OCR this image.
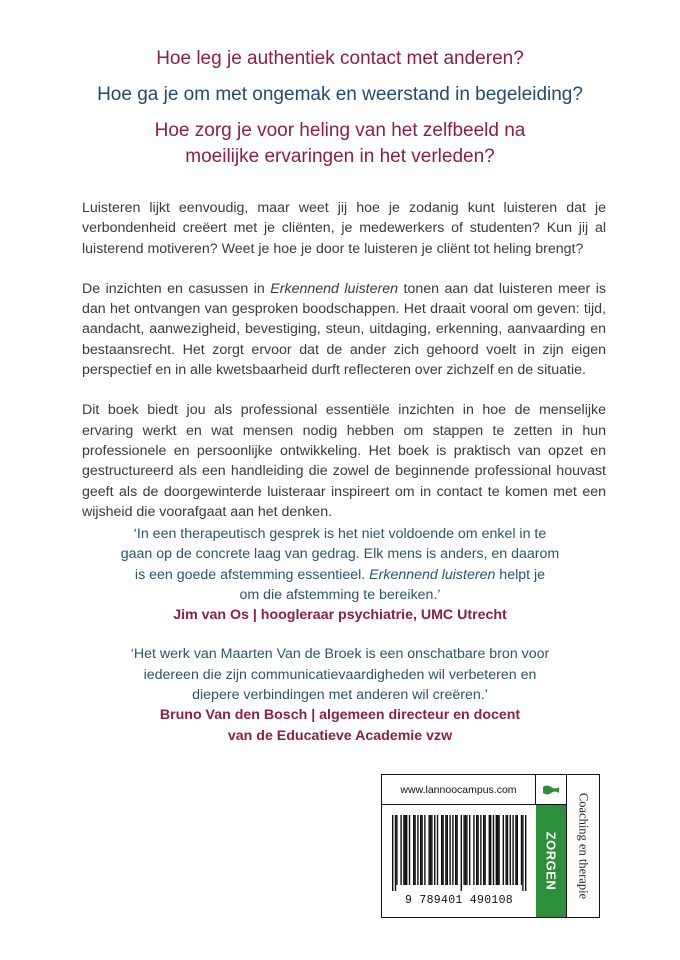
Hoe leg je authentiek contact met anderen?

Hoe ga je om met ongemak en weerstand in begeleiding?

Hoe zorg je voor heling van het zelfbeeld na
moeilijke ervaringen in het verleden?

Luisteren lijkt eenvoudig, maar weet jij hoe je zodanig kunt luisteren dat je verbondenheid creëert met je cliënten, je medewerkers of studenten? Kun jij al luisterend motiveren? Weet je hoe je door te luisteren je cliënt tot heling brengt?

De inzichten en casussen in Erkennend luisteren tonen aan dat luisteren meer is dan het ontvangen van gesproken boodschappen. Het draait vooral om geven: tijd, aandacht, aanwezigheid, bevestiging, steun, uitdaging, erkenning, aanvaarding en bestaansrecht. Het zorgt ervoor dat de ander zich gehoord voelt in zijn eigen perspectief en in alle kwetsbaarheid durft reflecteren over zichzelf en de situatie.

Dit boek biedt jou als professional essentiële inzichten in hoe de menselijke ervaring werkt en wat mensen nodig hebben om stappen te zetten in hun professionele en persoonlijke ontwikkeling. Het boek is praktisch van opzet en gestructureerd als een handleiding die zowel de beginnende professional houvast geeft als de doorgewinterde luisteraar inspireert om in contact te komen met een wijsheid die voorafgaat aan het denken.

‘In een therapeutisch gesprek is het niet voldoende om enkel in te
gaan op de concrete laag van gedrag. Elk mens is anders, en daarom
is een goede afstemming essentieel. Erkennend luisteren helpt je
om die afstemming te bereiken.’

Jim van Os | hoogleraar psychiatrie, UMC Utrecht

‘Het werk van Maarten Van de Broek is een onschatbare bron voor
iedereen die zijn communicatievaardigheden wil verbeteren en
diepere verbindingen met anderen wil creëren.’

Bruno Van den Bosch | algemeen directeur en docent
van de Educatieve Academie vzw

www.lannoocampus.com
ZORGEN Coaching en therapie
9 789401 490108
